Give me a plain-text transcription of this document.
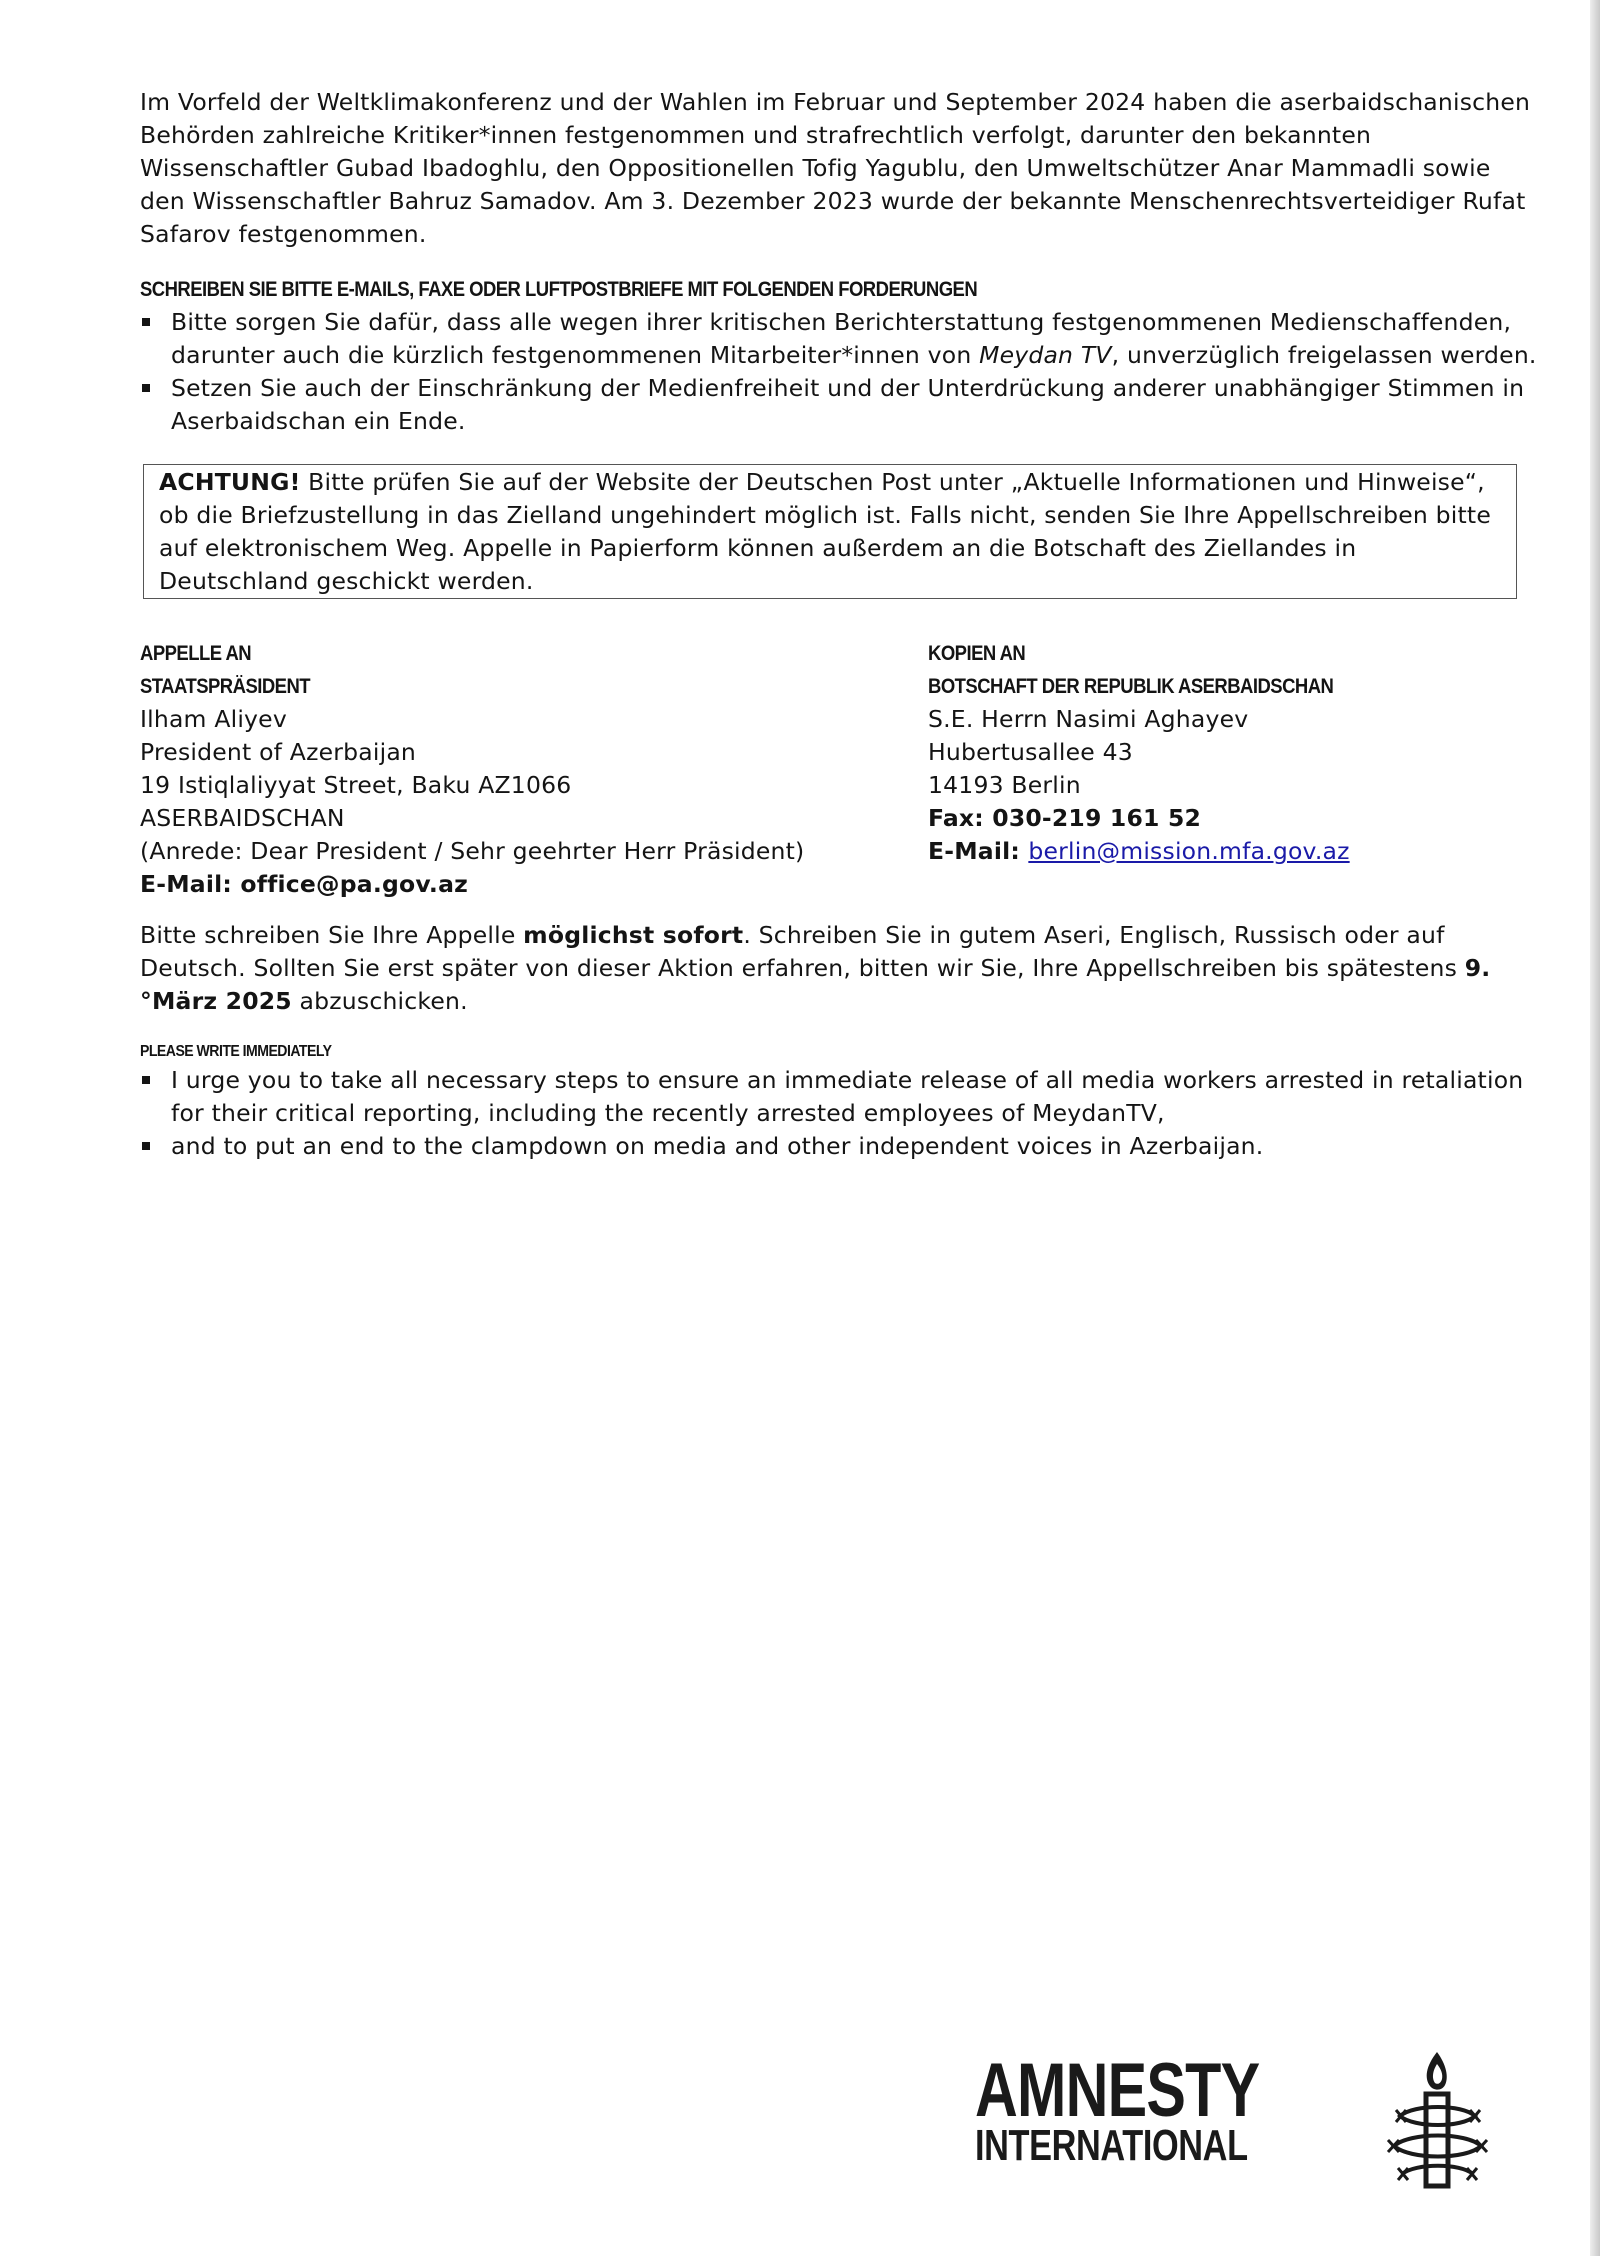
Im Vorfeld der Weltklimakonferenz und der Wahlen im Februar und September 2024 haben die aserbaidschanischen Behörden zahlreiche Kritiker*innen festgenommen und strafrechtlich verfolgt, darunter den bekannten Wissenschaftler Gubad Ibadoghlu, den Oppositionellen Tofig Yagublu, den Umweltschützer Anar Mammadli sowie den Wissenschaftler Bahruz Samadov. Am 3. Dezember 2023 wurde der bekannte Menschenrechtsverteidiger Rufat Safarov festgenommen.

SCHREIBEN SIE BITTE E-MAILS, FAXE ODER LUFTPOSTBRIEFE MIT FOLGENDEN FORDERUNGEN
Bitte sorgen Sie dafür, dass alle wegen ihrer kritischen Berichterstattung festgenommenen Medienschaffenden, darunter auch die kürzlich festgenommenen Mitarbeiter*innen von Meydan TV, unverzüglich freigelassen werden.
Setzen Sie auch der Einschränkung der Medienfreiheit und der Unterdrückung anderer unabhängiger Stimmen in Aserbaidschan ein Ende.
ACHTUNG! Bitte prüfen Sie auf der Website der Deutschen Post unter „Aktuelle Informationen und Hinweise“, ob die Briefzustellung in das Zielland ungehindert möglich ist. Falls nicht, senden Sie Ihre Appellschreiben bitte auf elektronischem Weg. Appelle in Papierform können außerdem an die Botschaft des Ziellandes in Deutschland geschickt werden.
APPELLE AN
STAATSPRÄSIDENT
Ilham Aliyev
President of Azerbaijan
19 Istiqlaliyyat Street, Baku AZ1066
ASERBAIDSCHAN
(Anrede: Dear President / Sehr geehrter Herr Präsident)
E-Mail: office@pa.gov.az
KOPIEN AN
BOTSCHAFT DER REPUBLIK ASERBAIDSCHAN
S.E. Herrn Nasimi Aghayev
Hubertusallee 43
14193 Berlin
Fax: 030-219 161 52
E-Mail: berlin@mission.mfa.gov.az

Bitte schreiben Sie Ihre Appelle möglichst sofort. Schreiben Sie in gutem Aseri, Englisch, Russisch oder auf Deutsch. Sollten Sie erst später von dieser Aktion erfahren, bitten wir Sie, Ihre Appellschreiben bis spätestens 9.°März 2025 abzuschicken.

PLEASE WRITE IMMEDIATELY
I urge you to take all necessary steps to ensure an immediate release of all media workers arrested in retaliation for their critical reporting, including the recently arrested employees of MeydanTV,
and to put an end to the clampdown on media and other independent voices in Azerbaijan.
AMNESTY
INTERNATIONAL
